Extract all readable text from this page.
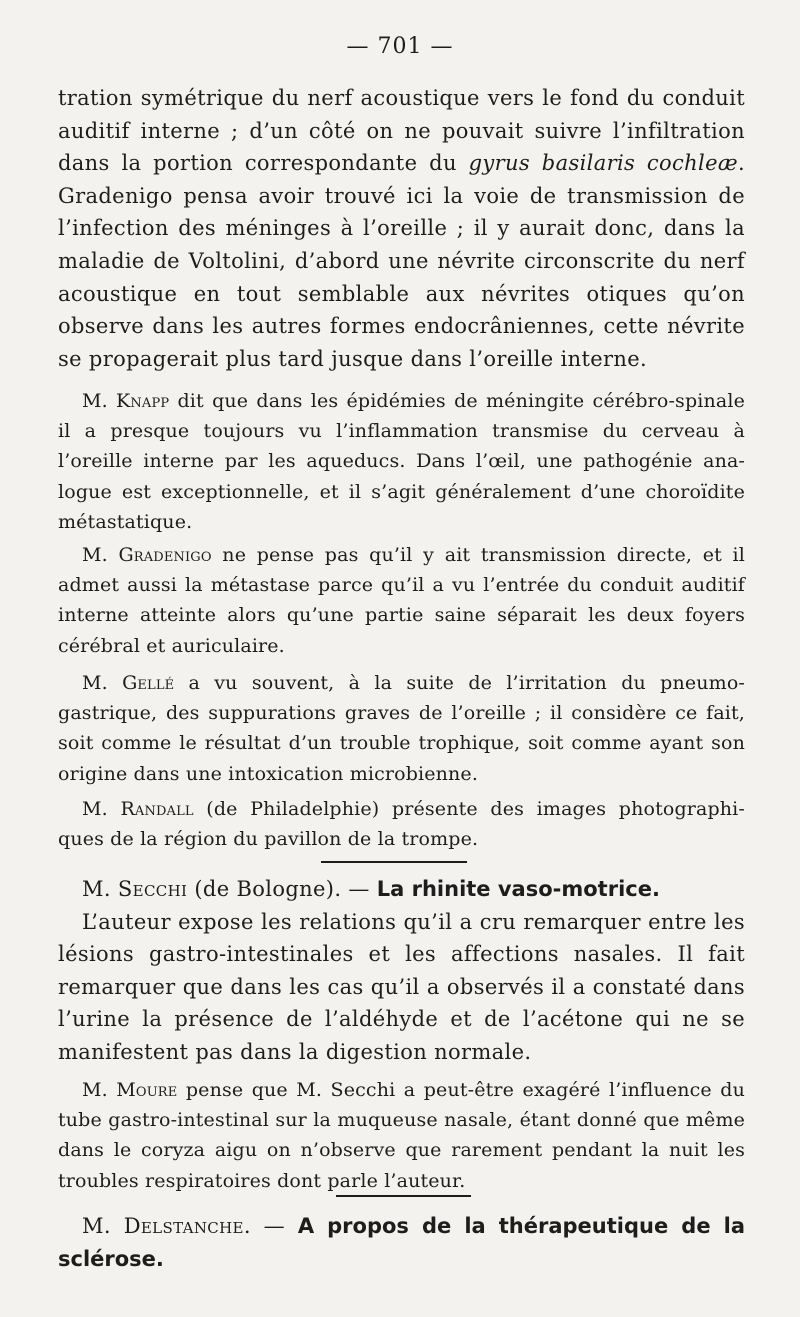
— 701 —

tration symétrique du nerf acoustique vers le fond du conduit auditif interne ; d’un côté on ne pouvait suivre l’infiltration dans la portion correspondante du gyrus basilaris cochleæ. Gradenigo pensa avoir trouvé ici la voie de transmission de l’infection des méninges à l’oreille ; il y aurait donc, dans la maladie de Voltolini, d’abord une névrite circonscrite du nerf acoustique en tout semblable aux névrites otiques qu’on observe dans les autres formes endocrâniennes, cette névrite se propagerait plus tard jusque dans l’oreille interne.

M. Knapp dit que dans les épidémies de méningite cérébro-spinale il a presque toujours vu l’inflammation transmise du cerveau à l’oreille interne par les aqueducs. Dans l’œil, une pathogénie ana-logue est exceptionnelle, et il s’agit généralement d’une choroïdite métastatique.

M. Gradenigo ne pense pas qu’il y ait transmission directe, et il admet aussi la métastase parce qu’il a vu l’entrée du conduit auditif interne atteinte alors qu’une partie saine séparait les deux foyers cérébral et auriculaire.

M. Gellé a vu souvent, à la suite de l’irritation du pneumo-gastrique, des suppurations graves de l’oreille ; il considère ce fait, soit comme le résultat d’un trouble trophique, soit comme ayant son origine dans une intoxication microbienne.

M. Randall (de Philadelphie) présente des images photographi-ques de la région du pavillon de la trompe.

M. Secchi (de Bologne). — La rhinite vaso-motrice.

L’auteur expose les relations qu’il a cru remarquer entre les lésions gastro-intestinales et les affections nasales. Il fait remarquer que dans les cas qu’il a observés il a constaté dans l’urine la présence de l’aldéhyde et de l’acétone qui ne se manifestent pas dans la digestion normale.

M. Moure pense que M. Secchi a peut-être exagéré l’influence du tube gastro-intestinal sur la muqueuse nasale, étant donné que même dans le coryza aigu on n’observe que rarement pendant la nuit les troubles respiratoires dont parle l’auteur.

M. Delstanche. — A propos de la thérapeutique de la sclérose.
